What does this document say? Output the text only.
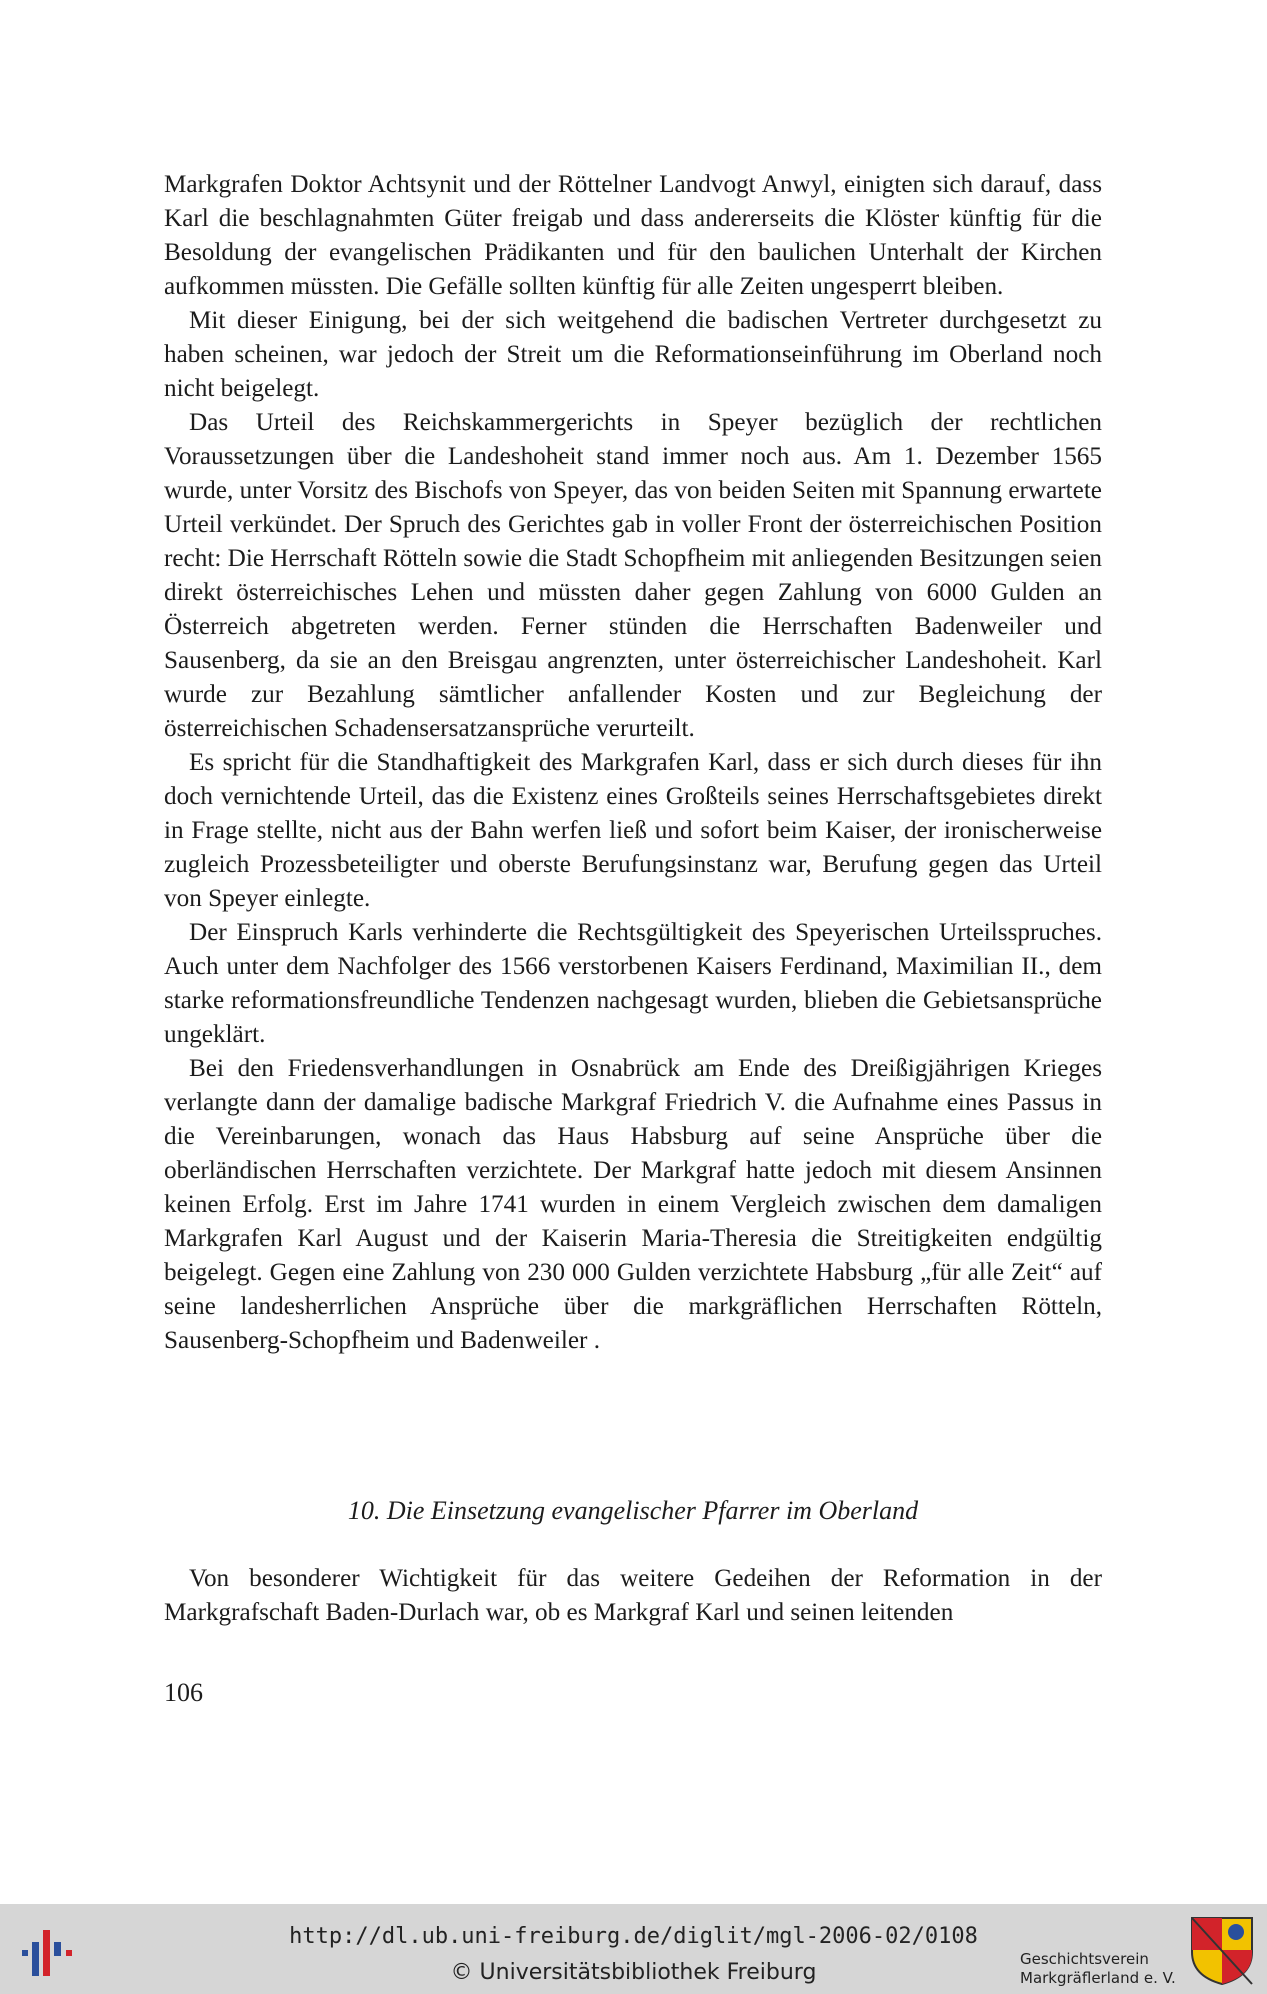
Markgrafen Doktor Achtsynit und der Röttelner Landvogt Anwyl, einigten sich darauf, dass Karl die beschlagnahmten Güter freigab und dass andererseits die Klöster künftig für die Besoldung der evangelischen Prädikanten und für den baulichen Unterhalt der Kirchen aufkommen müssten. Die Gefälle sollten künftig für alle Zeiten ungesperrt bleiben.

Mit dieser Einigung, bei der sich weitgehend die badischen Vertreter durchgesetzt zu haben scheinen, war jedoch der Streit um die Reformationseinführung im Oberland noch nicht beigelegt.

Das Urteil des Reichskammergerichts in Speyer bezüglich der rechtlichen Voraussetzungen über die Landeshoheit stand immer noch aus. Am 1. Dezember 1565 wurde, unter Vorsitz des Bischofs von Speyer, das von beiden Seiten mit Spannung erwartete Urteil verkündet. Der Spruch des Gerichtes gab in voller Front der österreichischen Position recht: Die Herrschaft Rötteln sowie die Stadt Schopfheim mit anliegenden Besitzungen seien direkt österreichisches Lehen und müssten daher gegen Zahlung von 6000 Gulden an Österreich abgetreten werden. Ferner stünden die Herrschaften Badenweiler und Sausenberg, da sie an den Breisgau angrenzten, unter österreichischer Landeshoheit. Karl wurde zur Bezahlung sämtlicher anfallender Kosten und zur Begleichung der österreichischen Schadensersatzansprüche verurteilt.

Es spricht für die Standhaftigkeit des Markgrafen Karl, dass er sich durch dieses für ihn doch vernichtende Urteil, das die Existenz eines Großteils seines Herrschaftsgebietes direkt in Frage stellte, nicht aus der Bahn werfen ließ und sofort beim Kaiser, der ironischerweise zugleich Prozessbeteiligter und oberste Berufungsinstanz war, Berufung gegen das Urteil von Speyer einlegte.

Der Einspruch Karls verhinderte die Rechtsgültigkeit des Speyerischen Urteilsspruches. Auch unter dem Nachfolger des 1566 verstorbenen Kaisers Ferdinand, Maximilian II., dem starke reformationsfreundliche Tendenzen nachgesagt wurden, blieben die Gebietsansprüche ungeklärt.

Bei den Friedensverhandlungen in Osnabrück am Ende des Dreißigjährigen Krieges verlangte dann der damalige badische Markgraf Friedrich V. die Aufnahme eines Passus in die Vereinbarungen, wonach das Haus Habsburg auf seine Ansprüche über die oberländischen Herrschaften verzichtete. Der Markgraf hatte jedoch mit diesem Ansinnen keinen Erfolg. Erst im Jahre 1741 wurden in einem Vergleich zwischen dem damaligen Markgrafen Karl August und der Kaiserin Maria-Theresia die Streitigkeiten endgültig beigelegt. Gegen eine Zahlung von 230 000 Gulden verzichtete Habsburg „für alle Zeit“ auf seine landesherrlichen Ansprüche über die markgräflichen Herrschaften Rötteln, Sausenberg-Schopfheim und Badenweiler .

10. Die Einsetzung evangelischer Pfarrer im Oberland

Von besonderer Wichtigkeit für das weitere Gedeihen der Reformation in der Markgrafschaft Baden-Durlach war, ob es Markgraf Karl und seinen leitenden

106
http://dl.ub.uni-freiburg.de/diglit/mgl-2006-02/0108
© Universitätsbibliothek Freiburg
Geschichtsverein
Markgräflerland e. V.
